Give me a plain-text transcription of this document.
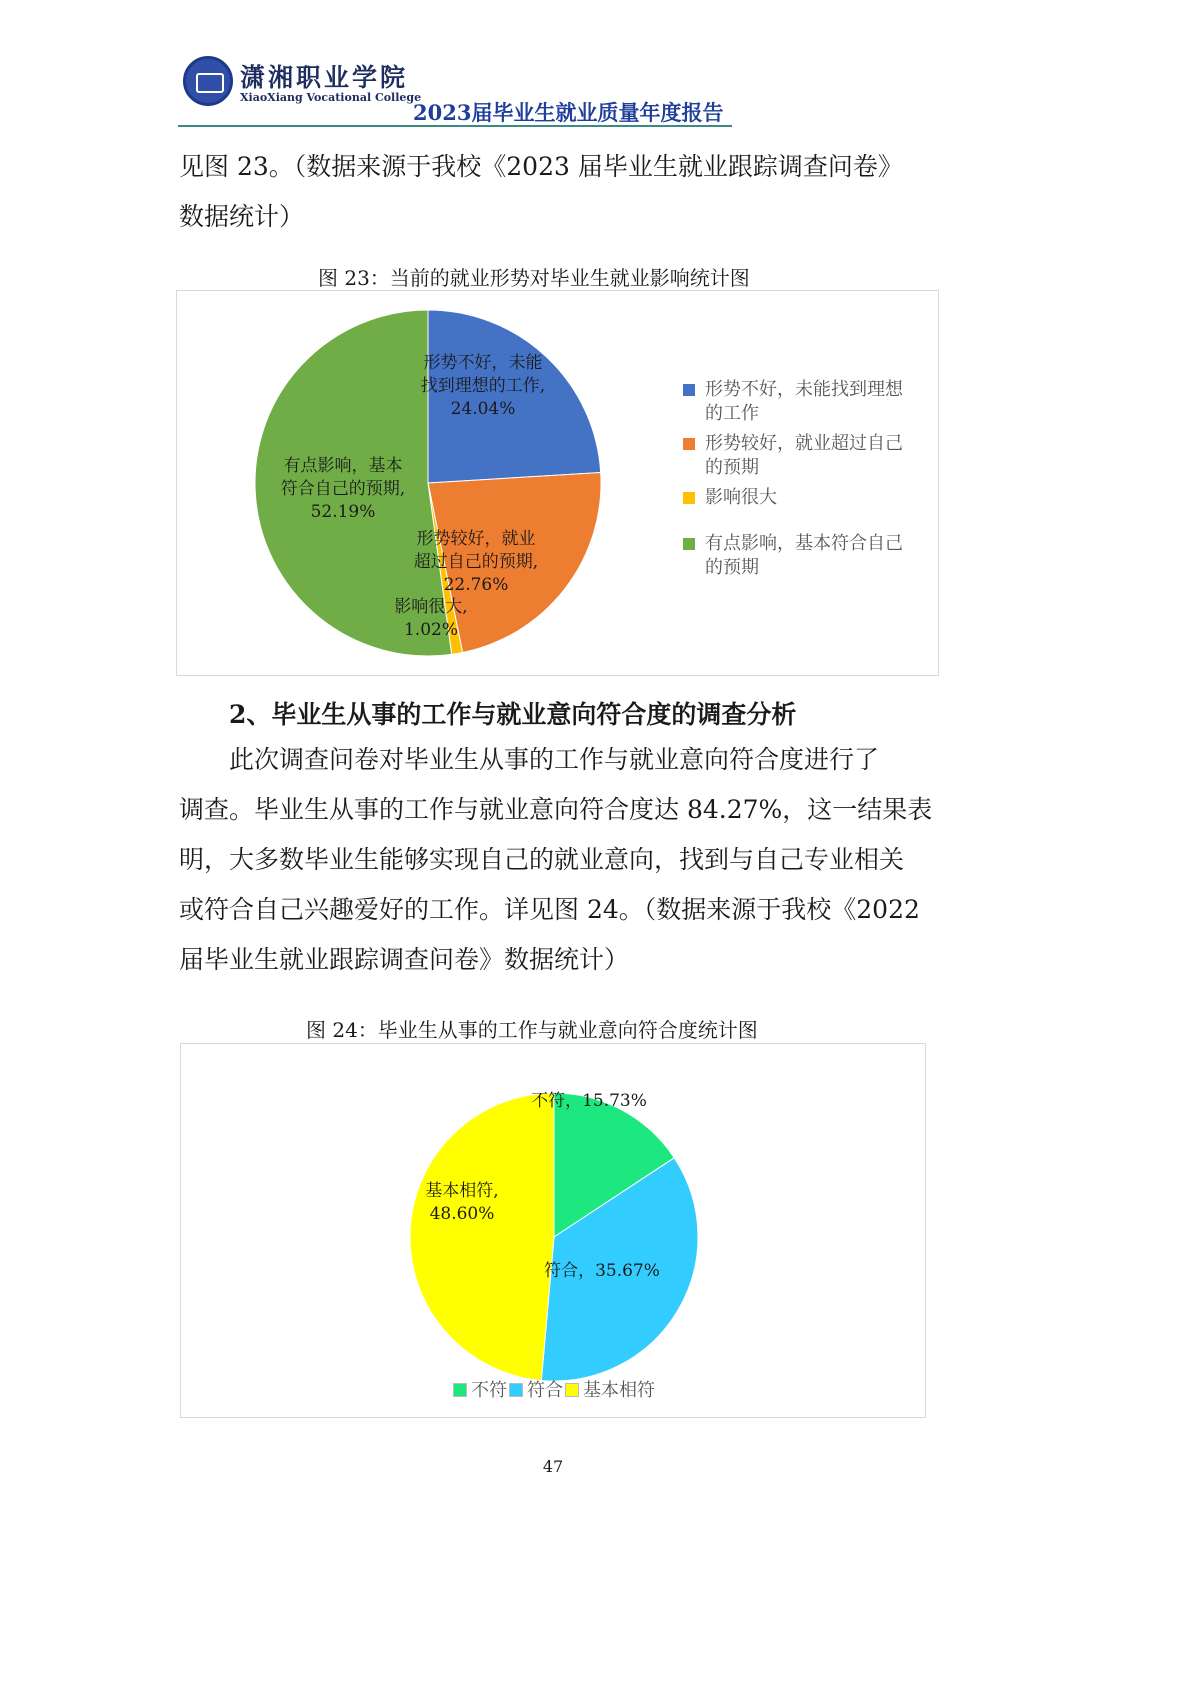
潇湘职业学院
XiaoXiang Vocational College
2023届毕业生就业质量年度报告
见图 23。（数据来源于我校《2023 届毕业生就业跟踪调查问卷》
数据统计）
图 23：当前的就业形势对毕业生就业影响统计图
形势不好，未能找到理想的工作, 24.04%
形势较好，就业超过自己的预期, 22.76%
影响很大, 1.02%
有点影响，基本符合自己的预期, 52.19%
形势不好，未能找到理想
的工作
形势较好，就业超过自己
的预期
影响很大
有点影响，基本符合自己
的预期
2、毕业生从事的工作与就业意向符合度的调查分析
此次调查问卷对毕业生从事的工作与就业意向符合度进行了
调查。毕业生从事的工作与就业意向符合度达 84.27%，这一结果表
明，大多数毕业生能够实现自己的就业意向，找到与自己专业相关
或符合自己兴趣爱好的工作。详见图 24。（数据来源于我校《2022
届毕业生就业跟踪调查问卷》数据统计）
图 24：毕业生从事的工作与就业意向符合度统计图
不符，15.73%
符合，35.67%
基本相符, 48.60%
不符 符合 基本相符
47
